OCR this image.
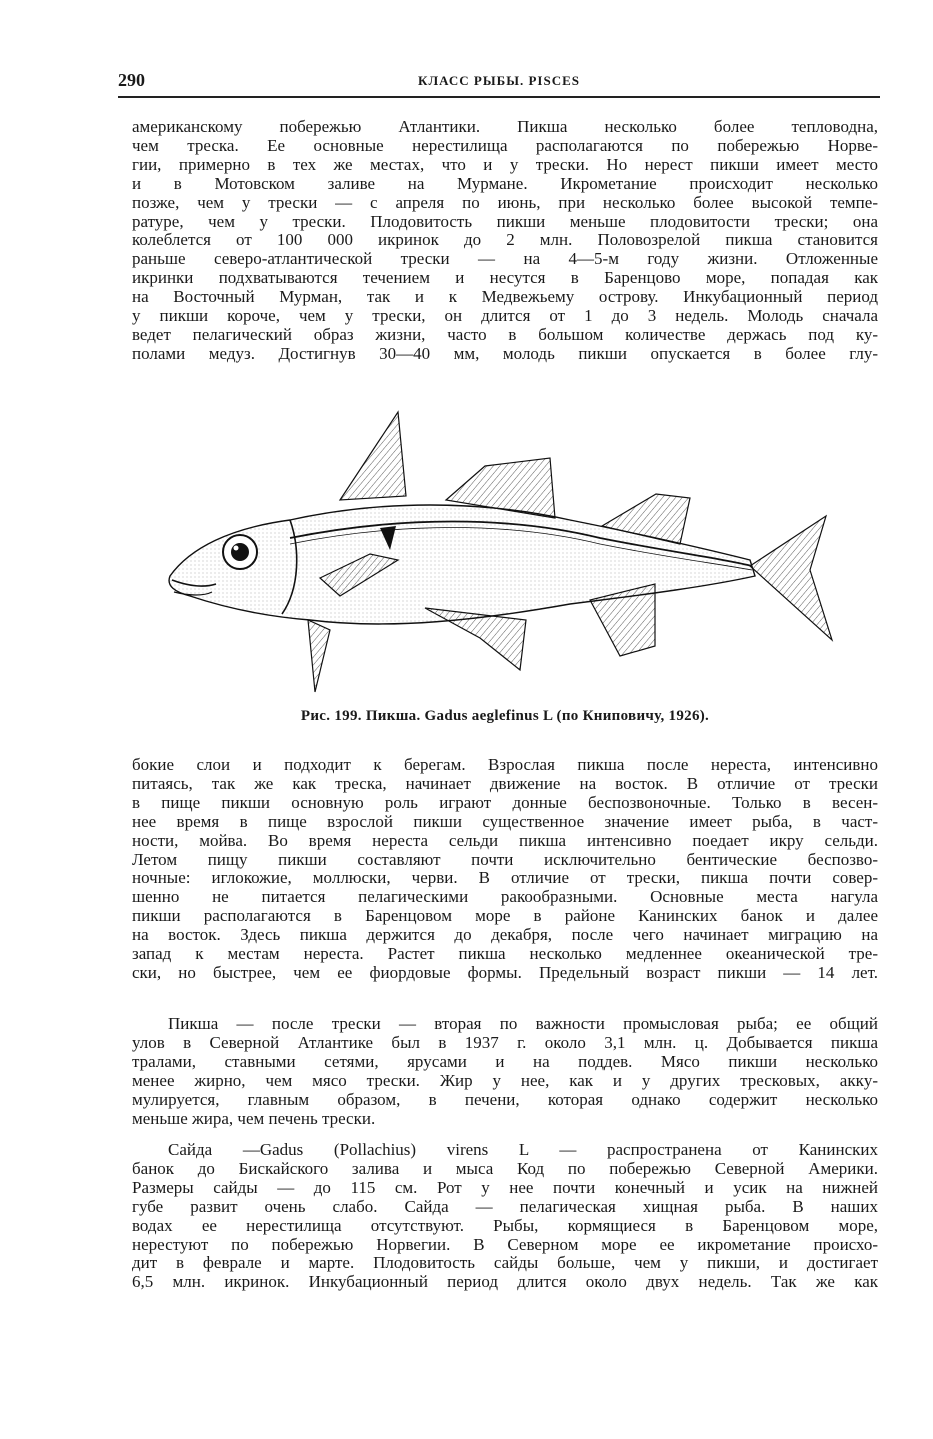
290	КЛАСС РЫБЫ. PISCES
американскому побережью Атлантики. Пикша несколько более тепловодна,
чем треска. Ее основные нерестилища располагаются по побережью Норве-
гии, примерно в тех же местах, что и у трески. Но нерест пикши имеет место
и в Мотовском заливе на Мурмане. Икрометание происходит несколько
позже, чем у трески — с апреля по июнь, при несколько более высокой темпе-
ратуре, чем у трески. Плодовитость пикши меньше плодовитости трески; она
колеблется от 100 000 икринок до 2 млн. Половозрелой пикша становится
раньше северо-атлантической трески — на 4—5-м году жизни. Отложенные
икринки подхватываются течением и несутся в Баренцово море, попадая как
на Восточный Мурман, так и к Медвежьему острову. Инкубационный период
у пикши короче, чем у трески, он длится от 1 до 3 недель. Молодь сначала
ведет пелагический образ жизни, часто в большом количестве держась под ку-
полами медуз. Достигнув 30—40 мм, молодь пикши опускается в более глу-
Рис. 199. Пикша. Gadus aeglefinus L (по Книповичу, 1926).
бокие слои и подходит к берегам. Взрослая пикша после нереста, интенсивно
питаясь, так же как треска, начинает движение на восток. В отличие от трески
в пище пикши основную роль играют донные беспозвоночные. Только в весен-
нее время в пище взрослой пикши существенное значение имеет рыба, в част-
ности, мойва. Во время нереста сельди пикша интенсивно поедает икру сельди.
Летом пищу пикши составляют почти исключительно бентические беспозво-
ночные: иглокожие, моллюски, черви. В отличие от трески, пикша почти совер-
шенно не питается пелагическими ракообразными. Основные места нагула
пикши располагаются в Баренцовом море в районе Канинских банок и далее
на восток. Здесь пикша держится до декабря, после чего начинает миграцию на
запад к местам нереста. Растет пикша несколько медленнее океанической тре-
ски, но быстрее, чем ее фиордовые формы. Предельный возраст пикши — 14 лет.
Пикша — после трески — вторая по важности промысловая рыба; ее общий
улов в Северной Атлантике был в 1937 г. около 3,1 млн. ц. Добывается пикша
тралами, ставными сетями, ярусами и на поддев. Мясо пикши несколько
менее жирно, чем мясо трески. Жир у нее, как и у других тресковых, аккy-
мулируется, главным образом, в печени, которая однако содержит несколько
меньше жира, чем печень трески.
Сайда —Gadus (Pollachius) virens L — распространена от Канинских
банок до Бискайского залива и мыса Код по побережью Северной Америки.
Размеры сайды — до 115 см. Рот у нее почти конечный и усик на нижней
губе развит очень слабо. Сайда — пелагическая хищная рыба. В наших
водах ее нерестилища отсутствуют. Рыбы, кормящиеся в Баренцовом море,
нерестуют по побережью Норвегии. В Северном море ее икрометание происхо-
дит в феврале и марте. Плодовитость сайды больше, чем у пикши, и достигает
6,5 млн. икринок. Инкубационный период длится около двух недель. Так же как
